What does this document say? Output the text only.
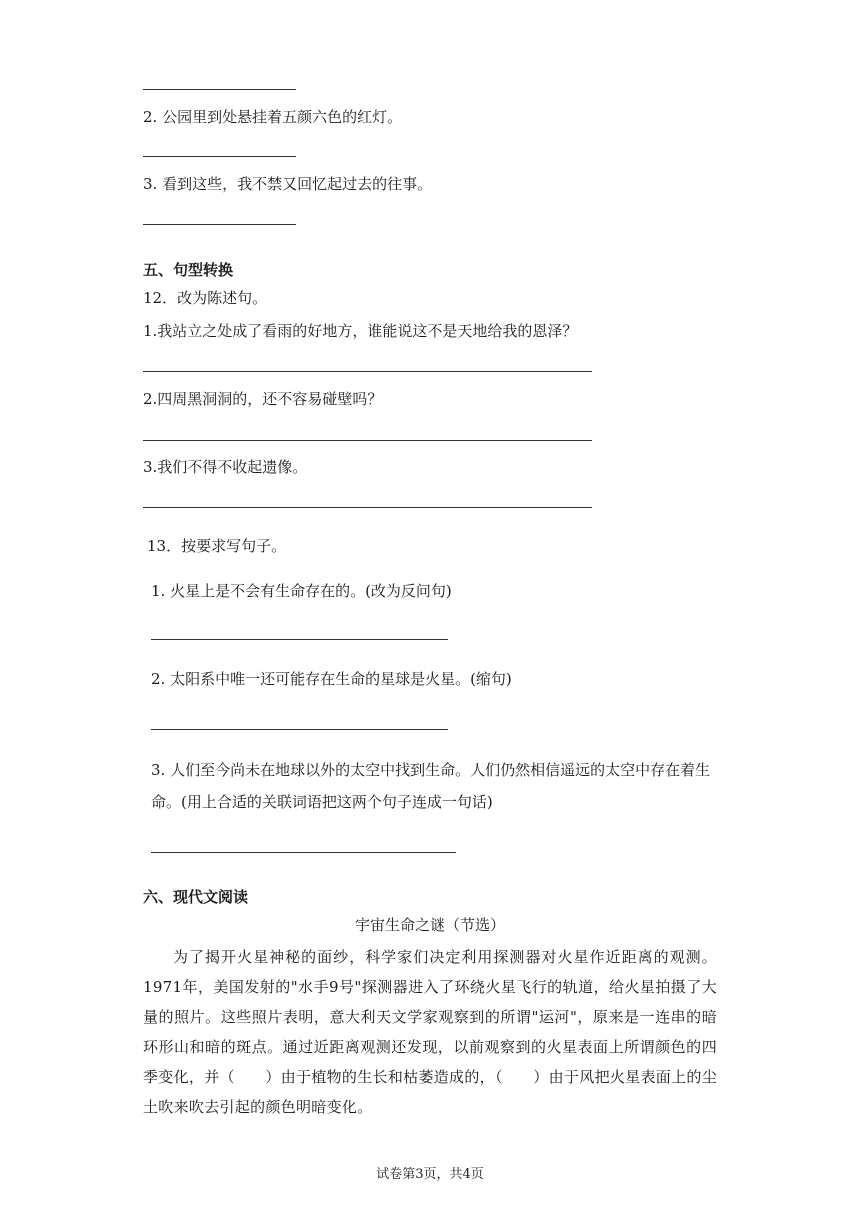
2. 公园里到处悬挂着五颜六色的红灯。
3. 看到这些，我不禁又回忆起过去的往事。
五、句型转换
12．改为陈述句。
1.我站立之处成了看雨的好地方，谁能说这不是天地给我的恩泽？
2.四周黑洞洞的，还不容易碰壁吗？
3.我们不得不收起遗像。
13．按要求写句子。
1. 火星上是不会有生命存在的。(改为反问句)
2. 太阳系中唯一还可能存在生命的星球是火星。(缩句)
3. 人们至今尚未在地球以外的太空中找到生命。人们仍然相信遥远的太空中存在着生
命。(用上合适的关联词语把这两个句子连成一句话)
六、现代文阅读
宇宙生命之谜（节选）

为了揭开火星神秘的面纱，科学家们决定利用探测器对火星作近距离的观测。1971年，美国发射的"水手9号"探测器进入了环绕火星飞行的轨道，给火星拍摄了大量的照片。这些照片表明，意大利天文学家观察到的所谓"运河"，原来是一连串的暗环形山和暗的斑点。通过近距离观测还发现，以前观察到的火星表面上所谓颜色的四季变化，并（　　）由于植物的生长和枯萎造成的，（　　）由于风把火星表面上的尘土吹来吹去引起的颜色明暗变化。

试卷第3页，共4页
